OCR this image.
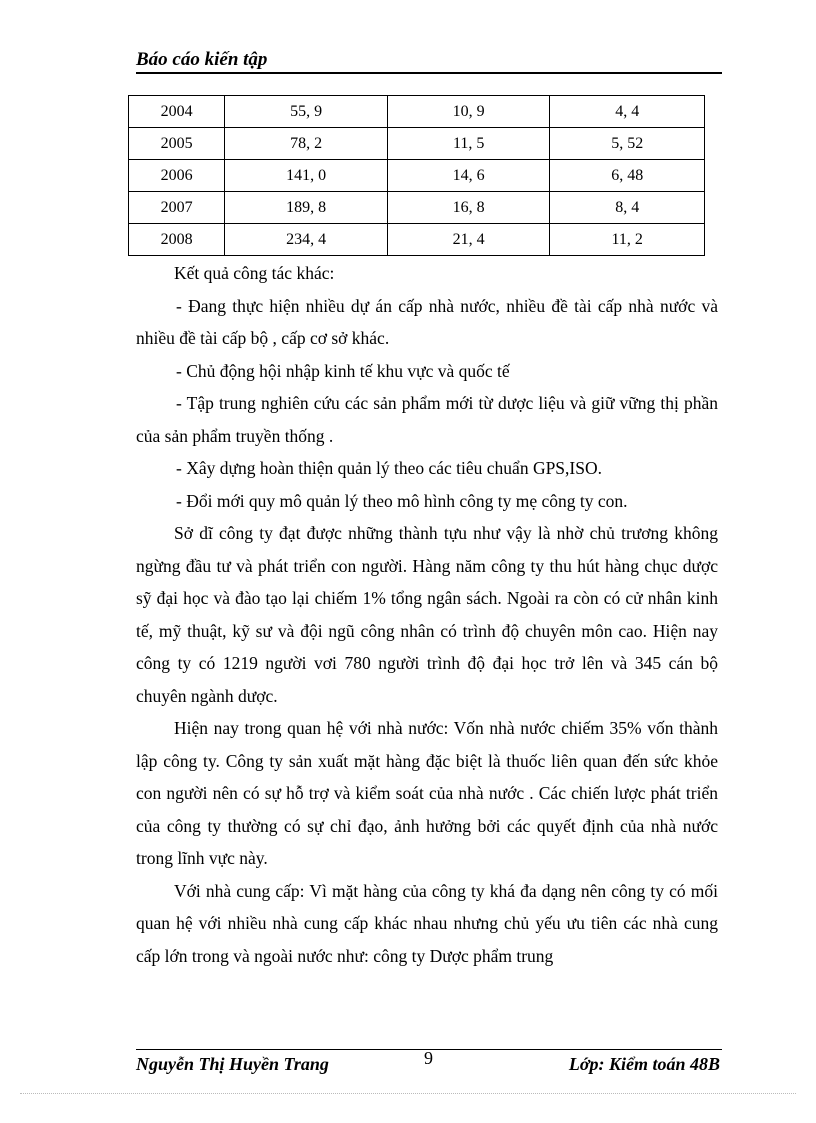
Báo cáo kiến tập
2004	55, 9	10, 9	4, 4
2005	78, 2	11, 5	5, 52
2006	141, 0	14, 6	6, 48
2007	189, 8	16, 8	8, 4
2008	234, 4	21, 4	11, 2

Kết quả công tác khác:

- Đang thực hiện nhiều dự án cấp nhà nước, nhiều đề tài cấp nhà nước và nhiều đề tài cấp bộ , cấp cơ sở khác.

- Chủ động hội nhập kinh tế khu vực và quốc tế

- Tập trung nghiên cứu các sản phẩm mới từ dược liệu và giữ vững thị phần của sản phẩm truyền thống .

- Xây dựng hoàn thiện quản lý theo các tiêu chuẩn GPS,ISO.

- Đổi mới quy mô quản lý theo mô hình công ty mẹ công ty con.

Sở dĩ công ty đạt được những thành tựu như vậy là nhờ chủ trương không ngừng đầu tư và phát triển con người. Hàng năm công ty thu hút hàng chục dược sỹ đại học và đào tạo lại chiếm 1% tổng ngân sách. Ngoài ra còn có cử nhân kinh tế, mỹ thuật, kỹ sư và đội ngũ công nhân có trình độ chuyên môn cao. Hiện nay công ty có 1219 người vơi 780 người trình độ đại học trở lên và 345 cán bộ chuyên ngành dược.

Hiện nay trong quan hệ với nhà nước: Vốn nhà nước chiếm 35% vốn thành lập công ty. Công ty sản xuất mặt hàng đặc biệt là thuốc liên quan đến sức khỏe con người nên có sự hỗ trợ và kiểm soát của nhà nước . Các chiến lược phát triển của công ty thường có sự chỉ đạo, ảnh hưởng bởi các quyết định của nhà nước trong lĩnh vực này.

Với nhà cung cấp: Vì mặt hàng của công ty khá đa dạng nên công ty có mối quan hệ với nhiều nhà cung cấp khác nhau nhưng chủ yếu ưu tiên các nhà cung cấp lớn trong và ngoài nước như: công ty Dược phẩm trung

Nguyễn Thị Huyền Trang	9	Lớp: Kiểm toán 48B
